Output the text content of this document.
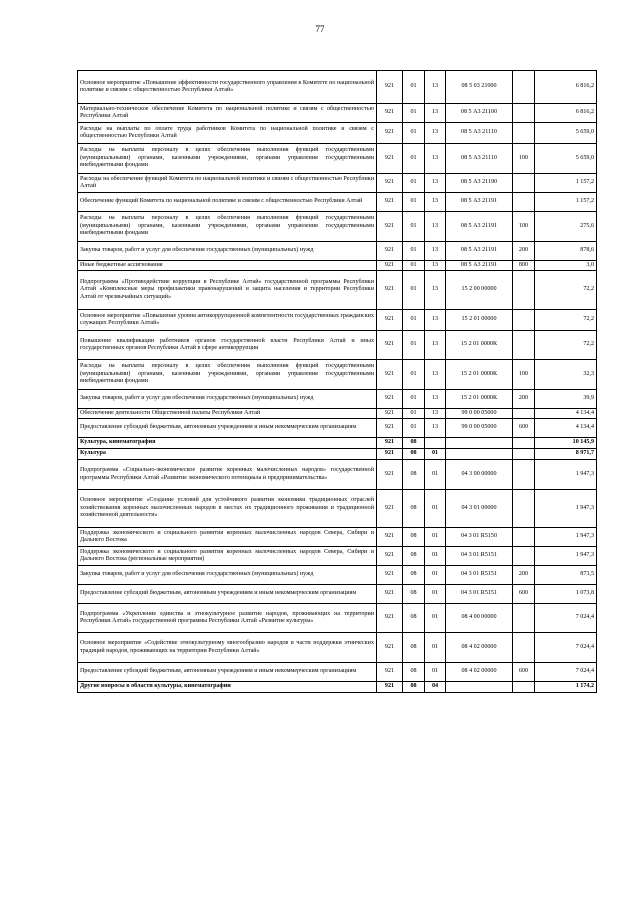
77
Основное мероприятие «Повышение эффективности государственного управления в Комитете по национальной политике и связям с общественностью Республики Алтай»	921	01	13	08 5 03 21000		6 816,2
Материально-техническое обеспечение Комитета по национальной политике и связям с общественностью Республики Алтай	921	01	13	08 5 А3 21100		6 816,2
Расходы на выплаты по оплате труда работников Комитета по национальной политике и связям с общественностью Республики Алтай	921	01	13	08 5 А3 21110		5 659,0
Расходы на выплаты персоналу в целях обеспечения выполнения функций государственными (муниципальными) органами, казенными учреждениями, органами управления государственными внебюджетными фондами	921	01	13	08 5 А3 21110	100	5 659,0
Расходы на обеспечение функций Комитета по национальной политике и связям с общественностью Республики Алтай	921	01	13	08 5 А3 21190		1 157,2
Обеспечение функций Комитета по национальной политике и связям с общественностью Республики Алтай	921	01	13	08 5 А3 21191		1 157,2
Расходы на выплаты персоналу в целях обеспечения выполнения функций государственными (муниципальными) органами, казенными учреждениями, органами управления государственными внебюджетными фондами	921	01	13	08 5 А3 21191	100	275,6
Закупка товаров, работ и услуг для обеспечения государственных (муниципальных) нужд	921	01	13	08 5 А3 21191	200	878,6
Иные бюджетные ассигнования	921	01	13	08 5 А3 21191	800	3,0
Подпрограмма «Противодействие коррупции в Республике Алтай» государственной программы Республики Алтай «Комплексные меры профилактики правонарушений и защита населения и территории Республики Алтай от чрезвычайных ситуаций»	921	01	13	15 2 00 00000		72,2
Основное мероприятие «Повышение уровня антикоррупционной компетентности государственных гражданских служащих Республики Алтай»	921	01	13	15 2 01 00000		72,2
Повышение квалификации работников органов государственной власти Республики Алтай и иных государственных органов Республики Алтай в сфере антикоррупции	921	01	13	15 2 01 0000К		72,2
Расходы на выплаты персоналу в целях обеспечения выполнения функций государственными (муниципальными) органами, казенными учреждениями, органами управления государственными внебюджетными фондами	921	01	13	15 2 01 0000К	100	32,3
Закупка товаров, работ и услуг для обеспечения государственных (муниципальных) нужд	921	01	13	15 2 01 0000К	200	39,9
Обеспечение деятельности Общественной палаты Республики Алтай	921	01	13	99 0 00 05000		4 134,4
Предоставление субсидий бюджетным, автономным учреждениям и иным некоммерческим организациям	921	01	13	99 0 00 05000	600	4 134,4
Культура, кинематография	921	08				10 145,9
Культура	921	08	01			8 971,7
Подпрограмма «Социально-экономическое развитие коренных малочисленных народов» государственной программы Республики Алтай «Развитие экономического потенциала и предпринимательства»	921	08	01	04 3 00 00000		1 947,3
Основное мероприятие «Создание условий для устойчивого развития экономики традиционных отраслей хозяйствования коренных малочисленных народов в местах их традиционного проживания и традиционной хозяйственной деятельности»	921	08	01	04 3 01 00000		1 947,3
Поддержка экономического и социального развития коренных малочисленных народов Севера, Сибири и Дальнего Востока	921	08	01	04 3 01 R5150		1 947,3
Поддержка экономического и социального развития коренных малочисленных народов Севера, Сибири и Дальнего Востока (региональные мероприятия)	921	08	01	04 3 01 R5151		1 947,3
Закупка товаров, работ и услуг для обеспечения государственных (муниципальных) нужд	921	08	01	04 3 01 R5151	200	873,5
Предоставление субсидий бюджетным, автономным учреждениям и иным некоммерческим организациям	921	08	01	04 3 01 R5151	600	1 073,8
Подпрограмма «Укрепление единства и этнокультурное развитие народов, проживающих на территории Республики Алтай» государственной программы Республики Алтай «Развитие культуры»	921	08	01	08 4 00 00000		7 024,4
Основное мероприятие «Содействие этнокультурному многообразию народов в части поддержки этнических традиций народов, проживающих на территории Республики Алтай»	921	08	01	08 4 02 00000		7 024,4
Предоставление субсидий бюджетным, автономным учреждениям и иным некоммерческим организациям	921	08	01	08 4 02 00000	600	7 024,4
Другие вопросы в области культуры, кинематографии	921	08	04			1 174,2
